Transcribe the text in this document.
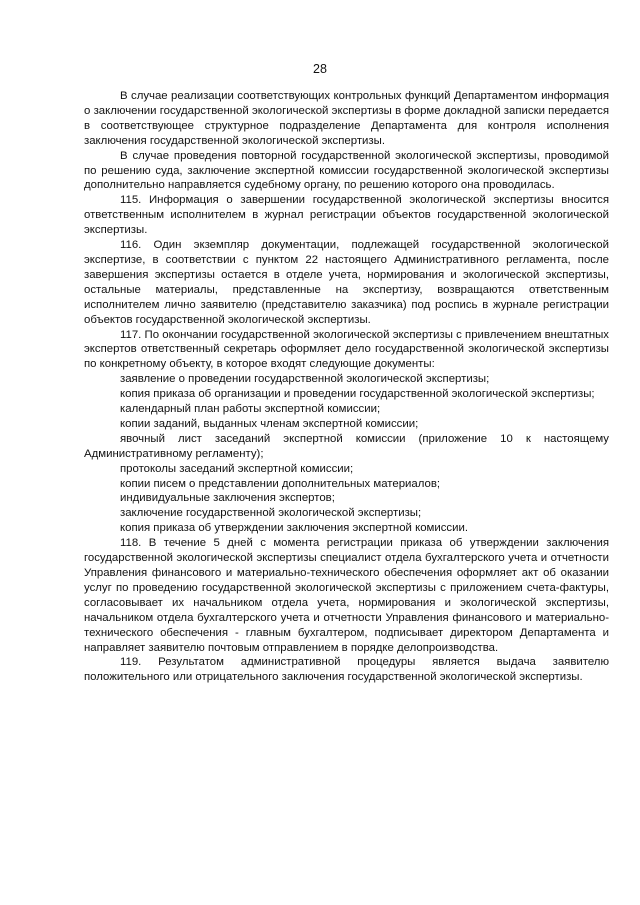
28

В случае реализации соответствующих контрольных функций Департаментом информация о заключении государственной экологической экспертизы в форме докладной записки передается в соответствующее структурное подразделение Департамента для контроля исполнения заключения государственной экологической экспертизы.

В случае проведения повторной государственной экологической экспертизы, проводимой по решению суда, заключение экспертной комиссии государственной экологической экспертизы дополнительно направляется судебному органу, по решению которого она проводилась.

115. Информация о завершении государственной экологической экспертизы вносится ответственным исполнителем в журнал регистрации объектов государственной экологической экспертизы.

116. Один экземпляр документации, подлежащей государственной экологической экспертизе, в соответствии с пунктом 22 настоящего Административного регламента, после завершения экспертизы остается в отделе учета, нормирования и экологической экспертизы, остальные материалы, представленные на экспертизу, возвращаются ответственным исполнителем лично заявителю (представителю заказчика) под роспись в журнале регистрации объектов государственной экологической экспертизы.

117. По окончании государственной экологической экспертизы с привлечением внештатных экспертов ответственный секретарь оформляет дело государственной экологической экспертизы по конкретному объекту, в которое входят следующие документы:

заявление о проведении государственной экологической экспертизы;

копия приказа об организации и проведении государственной экологической экспертизы;

календарный план работы экспертной комиссии;

копии заданий, выданных членам экспертной комиссии;

явочный лист заседаний экспертной комиссии (приложение 10 к настоящему Административному регламенту);

протоколы заседаний экспертной комиссии;

копии писем о представлении дополнительных материалов;

индивидуальные заключения экспертов;

заключение государственной экологической экспертизы;

копия приказа об утверждении заключения экспертной комиссии.

118. В течение 5 дней с момента регистрации приказа об утверждении заключения государственной экологической экспертизы специалист отдела бухгалтерского учета и отчетности Управления финансового и материально-технического обеспечения оформляет акт об оказании услуг по проведению государственной экологической экспертизы с приложением счета-фактуры, согласовывает их начальником отдела учета, нормирования и экологической экспертизы, начальником отдела бухгалтерского учета и отчетности Управления финансового и материально-технического обеспечения - главным бухгалтером, подписывает директором Департамента и направляет заявителю почтовым отправлением в порядке делопроизводства.

119. Результатом административной процедуры является выдача заявителю положительного или отрицательного заключения государственной экологической экспертизы.
